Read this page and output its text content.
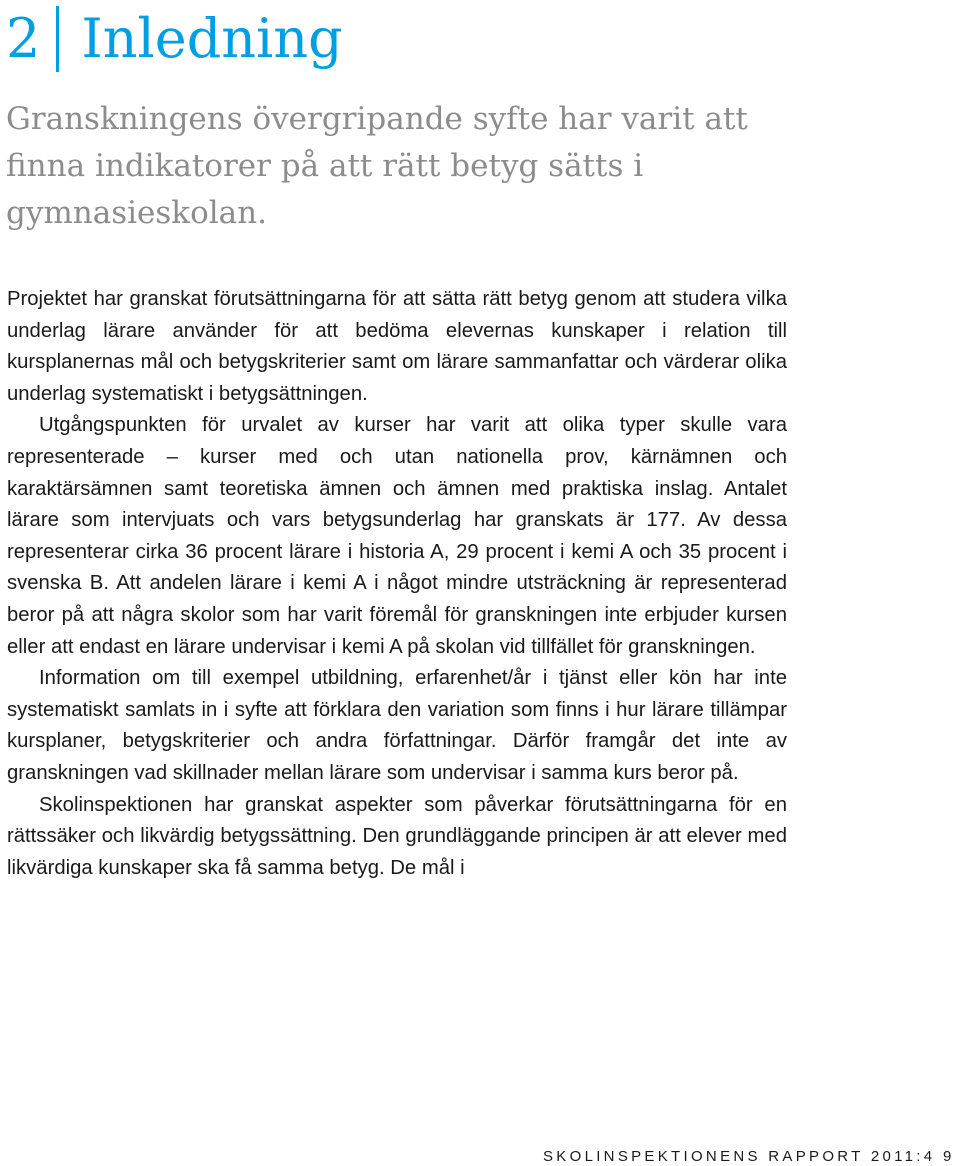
2 Inledning

Granskningens övergripande syfte har varit att finna indikatorer på att rätt betyg sätts i gymnasieskolan.

Projektet har granskat förutsättningarna för att sätta rätt betyg genom att studera vilka underlag lärare använder för att bedöma elevernas kunskaper i relation till kursplanernas mål och betygskriterier samt om lärare sammanfattar och värderar olika underlag systematiskt i betygsättningen.

Utgångspunkten för urvalet av kurser har varit att olika typer skulle vara representerade – kurser med och utan nationella prov, kärnämnen och karaktärsämnen samt teoretiska ämnen och ämnen med praktiska inslag. Antalet lärare som intervjuats och vars betygsunderlag har granskats är 177. Av dessa representerar cirka 36 procent lärare i historia A, 29 procent i kemi A och 35 procent i svenska B. Att andelen lärare i kemi A i något mindre utsträckning är representerad beror på att några skolor som har varit föremål för granskningen inte erbjuder kursen eller att endast en lärare undervisar i kemi A på skolan vid tillfället för granskningen.

Information om till exempel utbildning, erfarenhet/år i tjänst eller kön har inte systematiskt samlats in i syfte att förklara den variation som finns i hur lärare tillämpar kursplaner, betygskriterier och andra författningar. Därför framgår det inte av granskningen vad skillnader mellan lärare som undervisar i samma kurs beror på.

Skolinspektionen har granskat aspekter som påverkar förutsättningarna för en rättssäker och likvärdig betygssättning. Den grundläggande principen är att elever med likvärdiga kunskaper ska få samma betyg. De mål i

SKOLINSPEKTIONENS RAPPORT 2011:4 9
